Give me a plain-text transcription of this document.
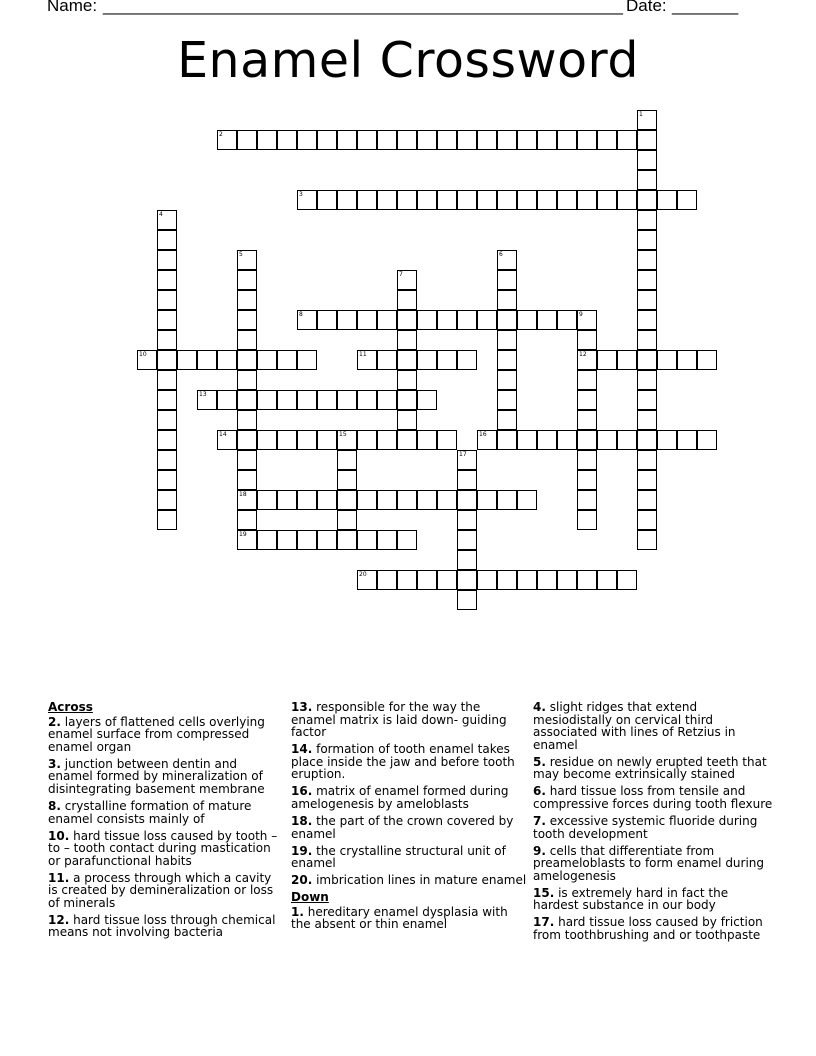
Name: _______________________________________________________ Date: _______
Enamel Crossword
1
2
3
4
5
18
19
6
7
8	9
12
10	11
13
14	15	16
17
20
Across
2. layers of flattened cells overlying enamel surface from compressed enamel organ
3. junction between dentin and enamel formed by mineralization of disintegrating basement membrane
8. crystalline formation of mature enamel consists mainly of
10. hard tissue loss caused by tooth – to – tooth contact during mastication or parafunctional habits
11. a process through which a cavity is created by demineralization or loss of minerals
12. hard tissue loss through chemical means not involving bacteria
13. responsible for the way the enamel matrix is laid down- guiding factor
14. formation of tooth enamel takes place inside the jaw and before tooth eruption.
16. matrix of enamel formed during amelogenesis by ameloblasts
18. the part of the crown covered by enamel
19. the crystalline structural unit of enamel
20. imbrication lines in mature enamel
Down
1. hereditary enamel dysplasia with the absent or thin enamel
4. slight ridges that extend mesiodistally on cervical third associated with lines of Retzius in enamel
5. residue on newly erupted teeth that may become extrinsically stained
6. hard tissue loss from tensile and compressive forces during tooth flexure
7. excessive systemic fluoride during tooth development
9. cells that differentiate from preameloblasts to form enamel during amelogenesis
15. is extremely hard in fact the hardest substance in our body
17. hard tissue loss caused by friction from toothbrushing and or toothpaste
